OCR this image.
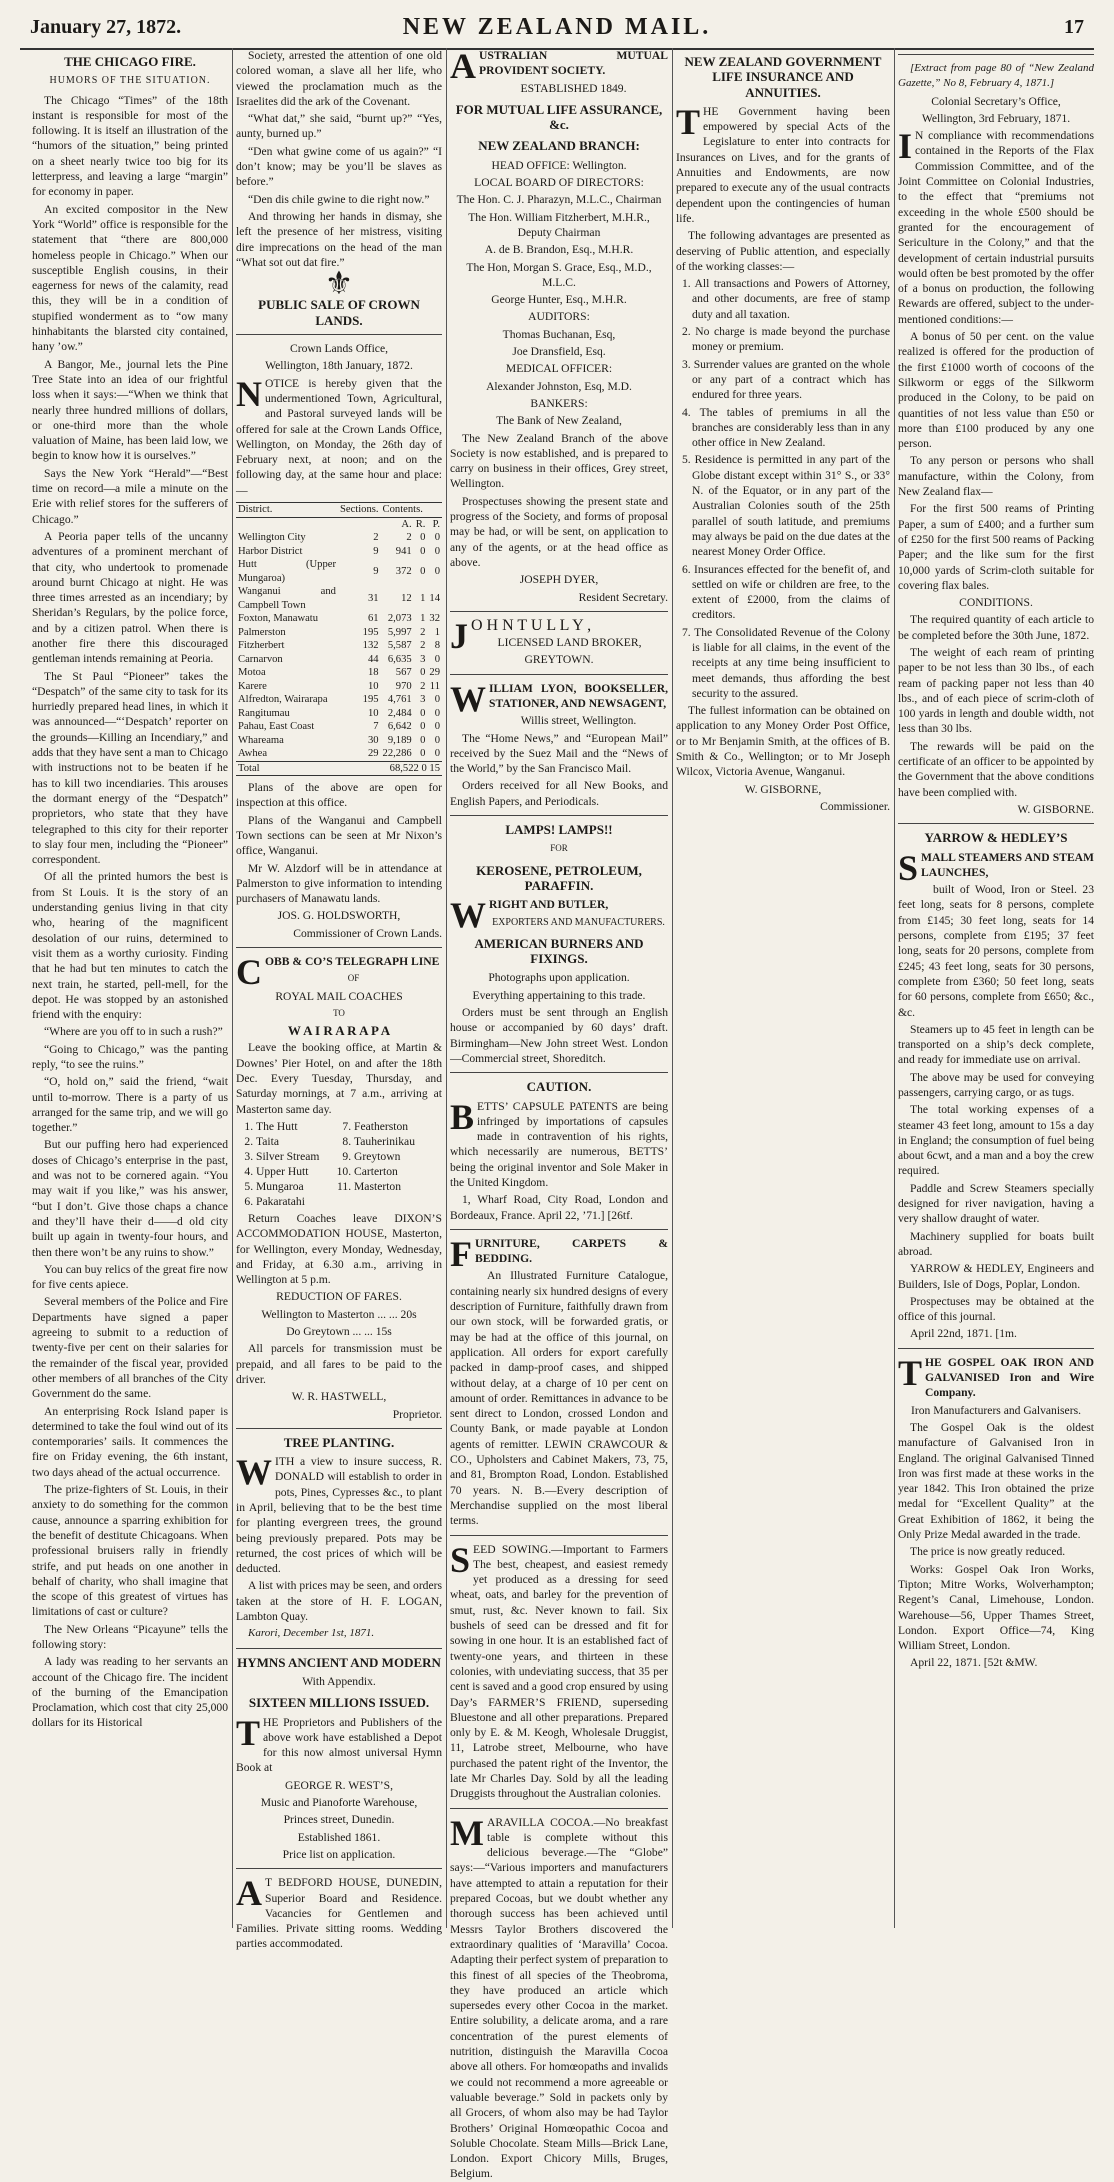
January 27, 1872.	NEW ZEALAND MAIL.	17
THE CHICAGO FIRE.
HUMORS OF THE SITUATION.

The Chicago “Times” of the 18th instant is responsible for most of the following. It is itself an illustration of the “humors of the situation,” being printed on a sheet nearly twice too big for its letterpress, and leaving a large “margin” for economy in paper.

An excited compositor in the New York “World” office is responsible for the statement that “there are 800,000 homeless people in Chicago.” When our susceptible English cousins, in their eagerness for news of the calamity, read this, they will be in a condition of stupified wonderment as to “ow many hinhabitants the blarsted city contained, hany ’ow.”

A Bangor, Me., journal lets the Pine Tree State into an idea of our frightful loss when it says:—“When we think that nearly three hundred millions of dollars, or one-third more than the whole valuation of Maine, has been laid low, we begin to know how it is ourselves.”

Says the New York “Herald”—“Best time on record—a mile a minute on the Erie with relief stores for the sufferers of Chicago.”

A Peoria paper tells of the uncanny adventures of a prominent merchant of that city, who undertook to promenade around burnt Chicago at night. He was three times arrested as an incendiary; by Sheridan’s Regulars, by the police force, and by a citizen patrol. When there is another fire there this discouraged gentleman intends remaining at Peoria.

The St Paul “Pioneer” takes the “Despatch” of the same city to task for its hurriedly prepared head lines, in which it was announced—“‘Despatch’ reporter on the grounds—Killing an Incendiary,” and adds that they have sent a man to Chicago with instructions not to be beaten if he has to kill two incendiaries. This arouses the dormant energy of the “Despatch” proprietors, who state that they have telegraphed to this city for their reporter to slay four men, including the “Pioneer” correspondent.

Of all the printed humors the best is from St Louis. It is the story of an understanding genius living in that city who, hearing of the magnificent desolation of our ruins, determined to visit them as a worthy curiosity. Finding that he had but ten minutes to catch the next train, he started, pell-mell, for the depot. He was stopped by an astonished friend with the enquiry:

“Where are you off to in such a rush?”

“Going to Chicago,” was the panting reply, “to see the ruins.”

“O, hold on,” said the friend, “wait until to-morrow. There is a party of us arranged for the same trip, and we will go together.”

But our puffing hero had experienced doses of Chicago’s enterprise in the past, and was not to be cornered again. “You may wait if you like,” was his answer, “but I don’t. Give those chaps a chance and they’ll have their d——d old city built up again in twenty-four hours, and then there won’t be any ruins to show.”

You can buy relics of the great fire now for five cents apiece.

Several members of the Police and Fire Departments have signed a paper agreeing to submit to a reduction of twenty-five per cent on their salaries for the remainder of the fiscal year, provided other members of all branches of the City Government do the same.

An enterprising Rock Island paper is determined to take the foul wind out of its contemporaries’ sails. It commences the fire on Friday evening, the 6th instant, two days ahead of the actual occurrence.

The prize-fighters of St. Louis, in their anxiety to do something for the common cause, announce a sparring exhibition for the benefit of destitute Chicagoans. When professional bruisers rally in friendly strife, and put heads on one another in behalf of charity, who shall imagine that the scope of this greatest of virtues has limitations of cast or culture?

The New Orleans “Picayune” tells the following story:

A lady was reading to her servants an account of the Chicago fire. The incident of the burning of the Emancipation Proclamation, which cost that city 25,000 dollars for its Historical

Society, arrested the attention of one old colored woman, a slave all her life, who viewed the proclamation much as the Israelites did the ark of the Covenant.

“What dat,” she said, “burnt up?” “Yes, aunty, burned up.”

“Den what gwine come of us again?” “I don’t know; may be you’ll be slaves as before.”

“Den dis chile gwine to die right now.”

And throwing her hands in dismay, she left the presence of her mistress, visiting dire imprecations on the head of the man “What sot out dat fire.”

⚜
PUBLIC SALE OF CROWN LANDS.
Crown Lands Office,
Wellington, 18th January, 1872.

NOTICE is hereby given that the undermentioned Town, Agricultural, and Pastoral surveyed lands will be offered for sale at the Crown Lands Office, Wellington, on Monday, the 26th day of February next, at noon; and on the following day, at the same hour and place:—

District.	Sections.	Contents.		
		A.	R.	P.
Wellington City	2	2	0	0
Harbor District	9	941	0	0
Hutt (Upper Mungaroa)	9	372	0	0
Wanganui and Campbell Town	31	12	1	14
Foxton, Manawatu	61	2,073	1	32
Palmerston	195	5,997	2	1
Fitzherbert	132	5,587	2	8
Carnarvon	44	6,635	3	0
Motoa	18	567	0	29
Karere	10	970	2	11
Alfredton, Wairarapa	195	4,761	3	0
Rangitumau	10	2,484	0	0
Pahau, East Coast	7	6,642	0	0
Whareama	30	9,189	0	0
Awhea	29	22,286	0	0
Total		68,522 0 15		

Plans of the above are open for inspection at this office.

Plans of the Wanganui and Campbell Town sections can be seen at Mr Nixon’s office, Wanganui.

Mr W. Alzdorf will be in attendance at Palmerston to give information to intending purchasers of Manawatu lands.

JOS. G. HOLDSWORTH,
Commissioner of Crown Lands.

COBB & CO’S TELEGRAPH LINE

OF
ROYAL MAIL COACHES
TO
W A I R A R A P A

Leave the booking office, at Martin & Downes’ Pier Hotel, on and after the 18th Dec. Every Tuesday, Thursday, and Saturday mornings, at 7 a.m., arriving at Masterton same day.

1. The Hutt
2. Taita
3. Silver Stream
4. Upper Hutt
5. Mungaroa
6. Pakaratahi
7. Featherston
8. Tauherinikau
9. Greytown
10. Carterton
11. Masterton

Return Coaches leave DIXON’S ACCOMMODATION HOUSE, Masterton, for Wellington, every Monday, Wednesday, and Friday, at 6.30 a.m., arriving in Wellington at 5 p.m.

REDUCTION OF FARES.
Wellington to Masterton ... ... 20s
Do Greytown ... ... 15s

All parcels for transmission must be prepaid, and all fares to be paid to the driver.

W. R. HASTWELL,
Proprietor.
TREE PLANTING.

WITH a view to insure success, R. DONALD will establish to order in pots, Pines, Cypresses &c., to plant in April, believing that to be the best time for planting evergreen trees, the ground being previously prepared. Pots may be returned, the cost prices of which will be deducted.

A list with prices may be seen, and orders taken at the store of H. F. LOGAN, Lambton Quay.

Karori, December 1st, 1871.

HYMNS ANCIENT AND MODERN
With Appendix.
SIXTEEN MILLIONS ISSUED.

THE Proprietors and Publishers of the above work have established a Depot for this now almost universal Hymn Book at

GEORGE R. WEST’S,
Music and Pianoforte Warehouse,
Princes street, Dunedin.
Established 1861.
Price list on application.

A T BEDFORD HOUSE, DUNEDIN, Superior Board and Residence. Vacancies for Gentlemen and Families. Private sitting rooms. Wedding parties accommodated.

AUSTRALIAN MUTUAL PROVIDENT SOCIETY.

ESTABLISHED 1849.
FOR MUTUAL LIFE ASSURANCE, &c.
NEW ZEALAND BRANCH:
HEAD OFFICE: Wellington.
LOCAL BOARD OF DIRECTORS:
The Hon. C. J. Pharazyn, M.L.C., Chairman
The Hon. William Fitzherbert, M.H.R., Deputy Chairman
A. de B. Brandon, Esq., M.H.R.
The Hon, Morgan S. Grace, Esq., M.D., M.L.C.
George Hunter, Esq., M.H.R.
AUDITORS:
Thomas Buchanan, Esq,
Joe Dransfield, Esq.
MEDICAL OFFICER:
Alexander Johnston, Esq, M.D.
BANKERS:
The Bank of New Zealand,

The New Zealand Branch of the above Society is now established, and is prepared to carry on business in their offices, Grey street, Wellington.

Prospectuses showing the present state and progress of the Society, and forms of proposal may be had, or will be sent, on application to any of the agents, or at the head office as above.

JOSEPH DYER,
Resident Secretary.

J O H N T U L L Y ,

LICENSED LAND BROKER,
GREYTOWN.

WILLIAM LYON, BOOKSELLER, STATIONER, AND NEWSAGENT,

Willis street, Wellington.

The “Home News,” and “European Mail” received by the Suez Mail and the “News of the World,” by the San Francisco Mail.

Orders received for all New Books, and English Papers, and Periodicals.

LAMPS! LAMPS!!
FOR
KEROSENE, PETROLEUM, PARAFFIN.

WRIGHT AND BUTLER,

EXPORTERS AND MANUFACTURERS.
AMERICAN BURNERS AND FIXINGS.
Photographs upon application.
Everything appertaining to this trade.

Orders must be sent through an English house or accompanied by 60 days’ draft. Birmingham—New John street West. London—Commercial street, Shoreditch.

CAUTION.

BETTS’ CAPSULE PATENTS are being infringed by importations of capsules made in contravention of his rights, which necessarily are numerous, BETTS’ being the original inventor and Sole Maker in the United Kingdom.

1, Wharf Road, City Road, London and Bordeaux, France. April 22, ’71.] [26tf.

FURNITURE, CARPETS & BEDDING.

An Illustrated Furniture Catalogue, containing nearly six hundred designs of every description of Furniture, faithfully drawn from our own stock, will be forwarded gratis, or may be had at the office of this journal, on application. All orders for export carefully packed in damp-proof cases, and shipped without delay, at a charge of 10 per cent on amount of order. Remittances in advance to be sent direct to London, crossed London and County Bank, or made payable at London agents of remitter. LEWIN CRAWCOUR & CO., Upholsters and Cabinet Makers, 73, 75, and 81, Brompton Road, London. Established 70 years. N. B.—Every description of Merchandise supplied on the most liberal terms.

SEED SOWING.—Important to Farmers The best, cheapest, and easiest remedy yet produced as a dressing for seed wheat, oats, and barley for the prevention of smut, rust, &c. Never known to fail. Six bushels of seed can be dressed and fit for sowing in one hour. It is an established fact of twenty-one years, and thirteen in these colonies, with undeviating success, that 35 per cent is saved and a good crop ensured by using Day’s FARMER’S FRIEND, superseding Bluestone and all other preparations. Prepared only by E. & M. Keogh, Wholesale Druggist, 11, Latrobe street, Melbourne, who have purchased the patent right of the Inventor, the late Mr Charles Day. Sold by all the leading Druggists throughout the Australian colonies.

MARAVILLA COCOA.—No breakfast table is complete without this delicious beverage.—The “Globe” says:—“Various importers and manufacturers have attempted to attain a reputation for their prepared Cocoas, but we doubt whether any thorough success has been achieved until Messrs Taylor Brothers discovered the extraordinary qualities of ‘Maravilla’ Cocoa. Adapting their perfect system of preparation to this finest of all species of the Theobroma, they have produced an article which supersedes every other Cocoa in the market. Entire solubility, a delicate aroma, and a rare concentration of the purest elements of nutrition, distinguish the Maravilla Cocoa above all others. For homœopaths and invalids we could not recommend a more agreeable or valuable beverage.” Sold in packets only by all Grocers, of whom also may be had Taylor Brothers’ Original Homœopathic Cocoa and Soluble Chocolate. Steam Mills—Brick Lane, London. Export Chicory Mills, Bruges, Belgium.

NEW ZEALAND GOVERNMENT LIFE INSURANCE AND ANNUITIES.

THE Government having been empowered by special Acts of the Legislature to enter into contracts for Insurances on Lives, and for the grants of Annuities and Endowments, are now prepared to execute any of the usual contracts dependent upon the contingencies of human life.

The following advantages are presented as deserving of Public attention, and especially of the working classes:—

1. All transactions and Powers of Attorney, and other documents, are free of stamp duty and all taxation.
2. No charge is made beyond the purchase money or premium.
3. Surrender values are granted on the whole or any part of a contract which has endured for three years.
4. The tables of premiums in all the branches are considerably less than in any other office in New Zealand.
5. Residence is permitted in any part of the Globe distant except within 31° S., or 33° N. of the Equator, or in any part of the Australian Colonies south of the 25th parallel of south latitude, and premiums may always be paid on the due dates at the nearest Money Order Office.
6. Insurances effected for the benefit of, and settled on wife or children are free, to the extent of £2000, from the claims of creditors.
7. The Consolidated Revenue of the Colony is liable for all claims, in the event of the receipts at any time being insufficient to meet demands, thus affording the best security to the assured.

The fullest information can be obtained on application to any Money Order Post Office, or to Mr Benjamin Smith, at the offices of B. Smith & Co., Wellington; or to Mr Joseph Wilcox, Victoria Avenue, Wanganui.

W. GISBORNE,
Commissioner.

[Extract from page 80 of “New Zealand Gazette,” No 8, February 4, 1871.]

Colonial Secretary’s Office,
Wellington, 3rd February, 1871.

I N compliance with recommendations contained in the Reports of the Flax Commission Committee, and of the Joint Committee on Colonial Industries, to the effect that “premiums not exceeding in the whole £500 should be granted for the encouragement of Sericulture in the Colony,” and that the development of certain industrial pursuits would often be best promoted by the offer of a bonus on production, the following Rewards are offered, subject to the under-mentioned conditions:—

A bonus of 50 per cent. on the value realized is offered for the production of the first £1000 worth of cocoons of the Silkworm or eggs of the Silkworm produced in the Colony, to be paid on quantities of not less value than £50 or more than £100 produced by any one person.

To any person or persons who shall manufacture, within the Colony, from New Zealand flax—

For the first 500 reams of Printing Paper, a sum of £400; and a further sum of £250 for the first 500 reams of Packing Paper; and the like sum for the first 10,000 yards of Scrim-cloth suitable for covering flax bales.

CONDITIONS.

The required quantity of each article to be completed before the 30th June, 1872.

The weight of each ream of printing paper to be not less than 30 lbs., of each ream of packing paper not less than 40 lbs., and of each piece of scrim-cloth of 100 yards in length and double width, not less than 30 lbs.

The rewards will be paid on the certificate of an officer to be appointed by the Government that the above conditions have been complied with.

W. GISBORNE.
YARROW & HEDLEY’S

SMALL STEAMERS AND STEAM LAUNCHES,

built of Wood, Iron or Steel. 23 feet long, seats for 8 persons, complete from £145; 30 feet long, seats for 14 persons, complete from £195; 37 feet long, seats for 20 persons, complete from £245; 43 feet long, seats for 30 persons, complete from £360; 50 feet long, seats for 60 persons, complete from £650; &c., &c.

Steamers up to 45 feet in length can be transported on a ship’s deck complete, and ready for immediate use on arrival.

The above may be used for conveying passengers, carrying cargo, or as tugs.

The total working expenses of a steamer 43 feet long, amount to 15s a day in England; the consumption of fuel being about 6cwt, and a man and a boy the crew required.

Paddle and Screw Steamers specially designed for river navigation, having a very shallow draught of water.

Machinery supplied for boats built abroad.

YARROW & HEDLEY, Engineers and Builders, Isle of Dogs, Poplar, London.

Prospectuses may be obtained at the office of this journal.

April 22nd, 1871. [1m.

THE GOSPEL OAK IRON AND GALVANISED Iron and Wire Company.

Iron Manufacturers and Galvanisers.

The Gospel Oak is the oldest manufacture of Galvanised Iron in England. The original Galvanised Tinned Iron was first made at these works in the year 1842. This Iron obtained the prize medal for “Excellent Quality” at the Great Exhibition of 1862, it being the Only Prize Medal awarded in the trade.

The price is now greatly reduced.

Works: Gospel Oak Iron Works, Tipton; Mitre Works, Wolverhampton; Regent’s Canal, Limehouse, London. Warehouse—56, Upper Thames Street, London. Export Office—74, King William Street, London.

April 22, 1871. [52t &MW.
